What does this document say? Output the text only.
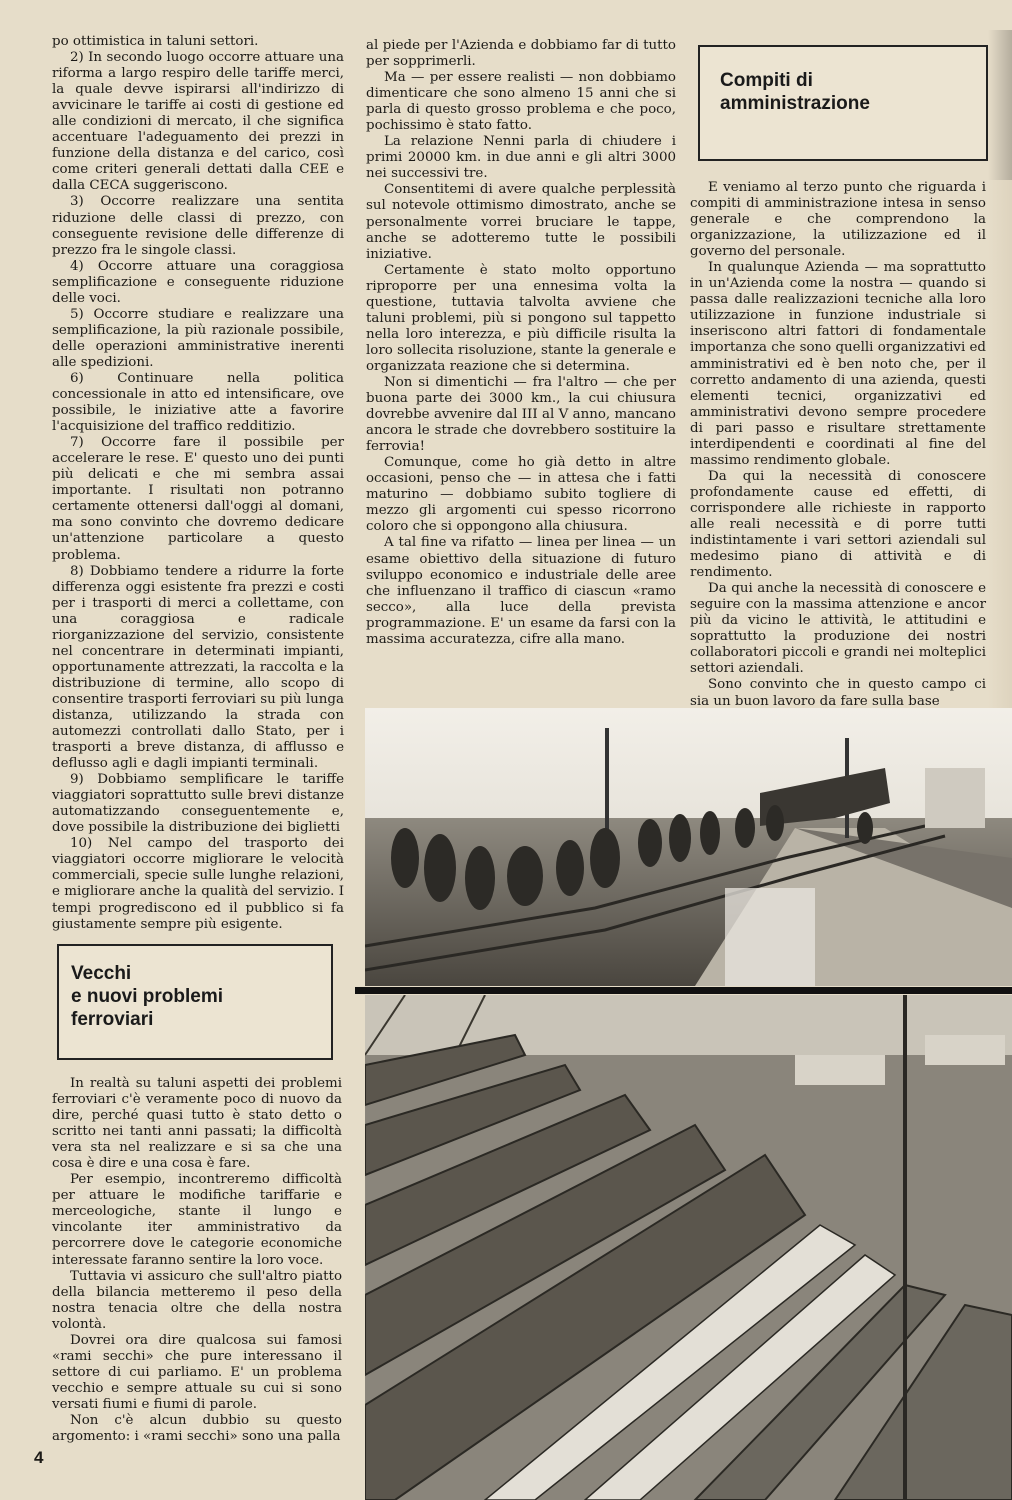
po ottimistica in taluni settori.

2) In secondo luogo occorre attuare una riforma a largo respiro delle tariffe merci, la quale devve ispirarsi all'indirizzo di avvicinare le tariffe ai costi di gestione ed alle condizioni di mercato, il che significa accentuare l'adeguamento dei prezzi in funzione della distanza e del carico, così come criteri generali dettati dalla CEE e dalla CECA suggeriscono.

3) Occorre realizzare una sentita riduzione delle classi di prezzo, con conseguente revisione delle differenze di prezzo fra le singole classi.

4) Occorre attuare una coraggiosa semplificazione e conseguente riduzione delle voci.

5) Occorre studiare e realizzare una semplificazione, la più razionale possibile, delle operazioni amministrative inerenti alle spedizioni.

6) Continuare nella politica concessionale in atto ed intensificare, ove possibile, le iniziative atte a favorire l'acquisizione del traffico redditizio.

7) Occorre fare il possibile per accelerare le rese. E' questo uno dei punti più delicati e che mi sembra assai importante. I risultati non potranno certamente ottenersi dall'oggi al domani, ma sono convinto che dovremo dedicare un'attenzione particolare a questo problema.

8) Dobbiamo tendere a ridurre la forte differenza oggi esistente fra prezzi e costi per i trasporti di merci a collettame, con una coraggiosa e radicale riorganizzazione del servizio, consistente nel concentrare in determinati impianti, opportunamente attrezzati, la raccolta e la distribuzione di termine, allo scopo di consentire trasporti ferroviari su più lunga distanza, utilizzando la strada con automezzi controllati dallo Stato, per i trasporti a breve distanza, di afflusso e deflusso agli e dagli impianti terminali.

9) Dobbiamo semplificare le tariffe viaggiatori soprattutto sulle brevi distanze automatizzando conseguentemente e, dove possibile la distribuzione dei biglietti

10) Nel campo del trasporto dei viaggiatori occorre migliorare le velocità commerciali, specie sulle lunghe relazioni, e migliorare anche la qualità del servizio. I tempi progrediscono ed il pubblico si fa giustamente sempre più esigente.

Vecchi
e nuovi problemi
ferroviari

In realtà su taluni aspetti dei problemi ferroviari c'è veramente poco di nuovo da dire, perché quasi tutto è stato detto o scritto nei tanti anni passati; la difficoltà vera sta nel realizzare e si sa che una cosa è dire e una cosa è fare.

Per esempio, incontreremo difficoltà per attuare le modifiche tariffarie e merceologiche, stante il lungo e vincolante iter amministrativo da percorrere dove le categorie economiche interessate faranno sentire la loro voce.

Tuttavia vi assicuro che sull'altro piatto della bilancia metteremo il peso della nostra tenacia oltre che della nostra volontà.

Dovrei ora dire qualcosa sui famosi «rami secchi» che pure interessano il settore di cui parliamo. E' un problema vecchio e sempre attuale su cui si sono versati fiumi e fiumi di parole.

Non c'è alcun dubbio su questo argomento: i «rami secchi» sono una palla

al piede per l'Azienda e dobbiamo far di tutto per sopprimerli.

Ma — per essere realisti — non dobbiamo dimenticare che sono almeno 15 anni che si parla di questo grosso problema e che poco, pochissimo è stato fatto.

La relazione Nenni parla di chiudere i primi 20000 km. in due anni e gli altri 3000 nei successivi tre.

Consentitemi di avere qualche perplessità sul notevole ottimismo dimostrato, anche se personalmente vorrei bruciare le tappe, anche se adotteremo tutte le possibili iniziative.

Certamente è stato molto opportuno riproporre per una ennesima volta la questione, tuttavia talvolta avviene che taluni problemi, più si pongono sul tappetto nella loro interezza, e più difficile risulta la loro sollecita risoluzione, stante la generale e organizzata reazione che si determina.

Non si dimentichi — fra l'altro — che per buona parte dei 3000 km., la cui chiusura dovrebbe avvenire dal III al V anno, mancano ancora le strade che dovrebbero sostituire la ferrovia!

Comunque, come ho già detto in altre occasioni, penso che — in attesa che i fatti maturino — dobbiamo subito togliere di mezzo gli argomenti cui spesso ricorrono coloro che si oppongono alla chiusura.

A tal fine va rifatto — linea per linea — un esame obiettivo della situazione di futuro sviluppo economico e industriale delle aree che influenzano il traffico di ciascun «ramo secco», alla luce della prevista programmazione. E' un esame da farsi con la massima accuratezza, cifre alla mano.

Compiti di
amministrazione

E veniamo al terzo punto che riguarda i compiti di amministrazione intesa in senso generale e che comprendono la organizzazione, la utilizzazione ed il governo del personale.

In qualunque Azienda — ma soprattutto in un'Azienda come la nostra — quando si passa dalle realizzazioni tecniche alla loro utilizzazione in funzione industriale si inseriscono altri fattori di fondamentale importanza che sono quelli organizzativi ed amministrativi ed è ben noto che, per il corretto andamento di una azienda, questi elementi tecnici, organizzativi ed amministrativi devono sempre procedere di pari passo e risultare strettamente interdipendenti e coordinati al fine del massimo rendimento globale.

Da qui la necessità di conoscere profondamente cause ed effetti, di corrispondere alle richieste in rapporto alle reali necessità e di porre tutti indistintamente i vari settori aziendali sul medesimo piano di attività e di rendimento.

Da qui anche la necessità di conoscere e seguire con la massima attenzione e ancor più da vicino le attività, le attitudini e soprattutto la produzione dei nostri collaboratori piccoli e grandi nei molteplici settori aziendali.

Sono convinto che in questo campo ci sia un buon lavoro da fare sulla base

4
